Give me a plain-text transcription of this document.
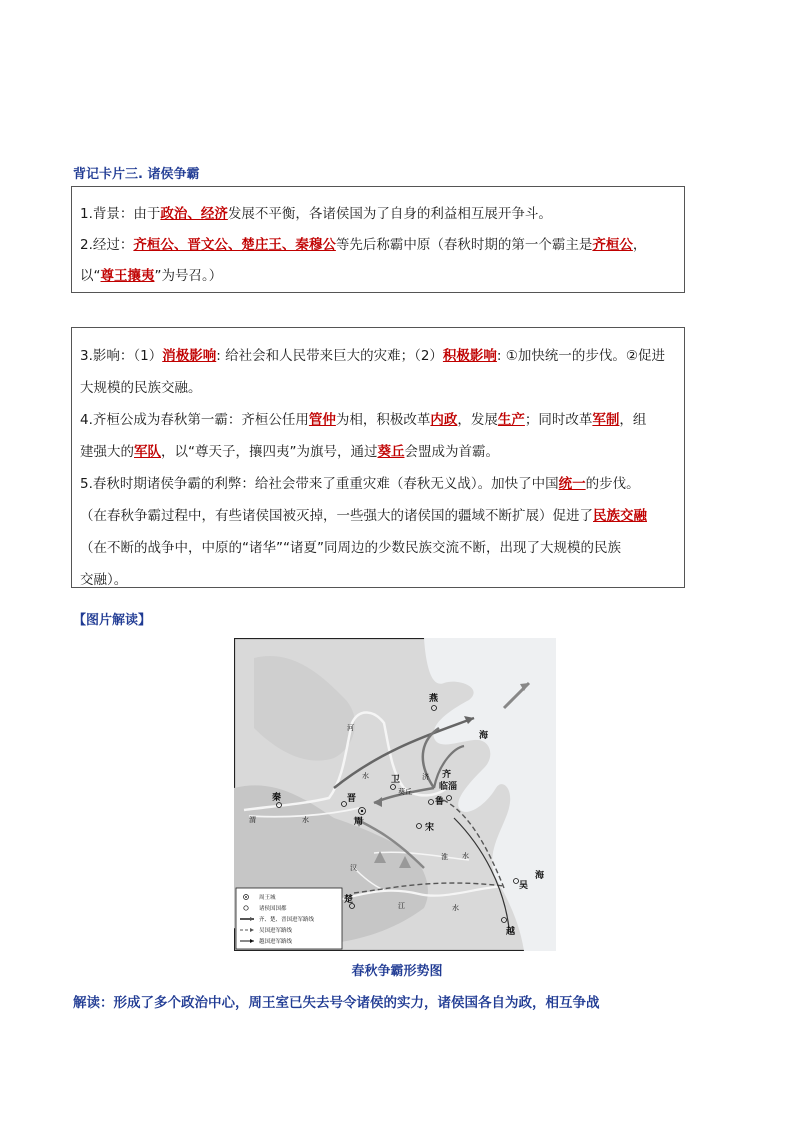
背记卡片三. 诸侯争霸
1.背景：由于政治、经济发展不平衡，各诸侯国为了自身的利益相互展开争斗。
2.经过：齐桓公、晋文公、楚庄王、秦穆公等先后称霸中原（春秋时期的第一个霸主是齐桓公，
以“尊王攘夷”为号召。）
3.影响：（1）消极影响: 给社会和人民带来巨大的灾难；（2）积极影响: ①加快统一的步伐。②促进
大规模的民族交融。
4.齐桓公成为春秋第一霸：齐桓公任用管仲为相，积极改革内政，发展生产；同时改革军制，组
建强大的军队，以“尊天子，攘四夷”为旗号，通过葵丘会盟成为首霸。
5.春秋时期诸侯争霸的利弊：给社会带来了重重灾难（春秋无义战）。加快了中国统一的步伐。
（在春秋争霸过程中，有些诸侯国被灭掉，一些强大的诸侯国的疆域不断扩展）促进了民族交融
（在不断的战争中，中原的“诸华”“诸夏”同周边的少数民族交流不断，出现了大规模的民族
交融）。
【图片解读】
燕
海
河
水 卫	济 齐
临淄
葵丘
鲁
晋
秦
渭	水	周
宋
汉
淮 水
海
楚
江	水
吴
越
周王城
诸侯国国都
齐、楚、晋国进军路线
吴国进军路线
越国进军路线
春秋争霸形势图
解读：形成了多个政治中心，周王室已失去号令诸侯的实力，诸侯国各自为政，相互争战
